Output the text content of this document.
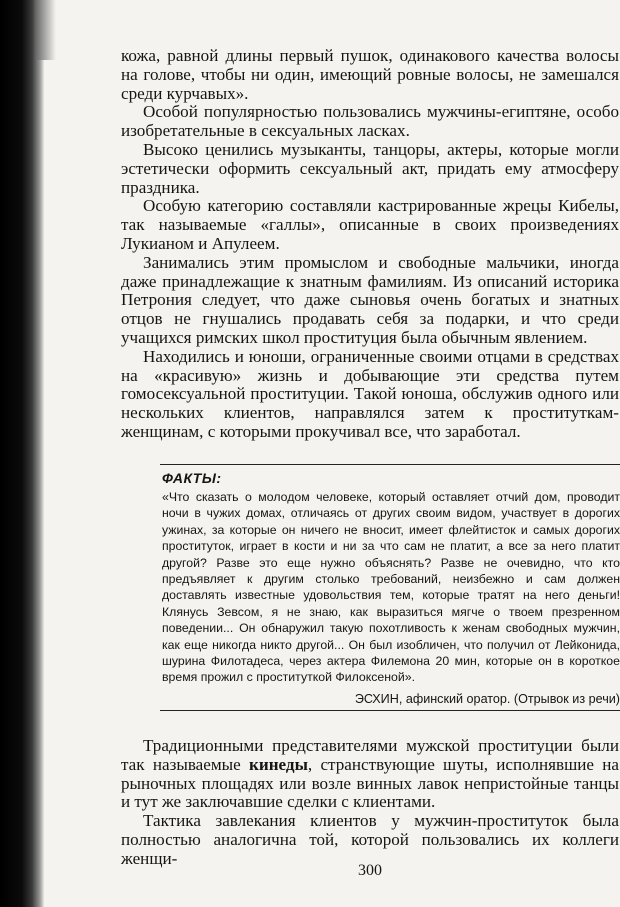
кожа, равной длины первый пушок, одинакового качества волосы на голове, чтобы ни один, имеющий ровные волосы, не замешался среди курчавых».

Особой популярностью пользовались мужчины-египтяне, особо изобретательные в сексуальных ласках.

Высоко ценились музыканты, танцоры, актеры, которые могли эстетически оформить сексуальный акт, придать ему атмосферу праздника.

Особую категорию составляли кастрированные жрецы Кибелы, так называемые «галлы», описанные в своих произведениях Лукианом и Апулеем.

Занимались этим промыслом и свободные мальчики, иногда даже принадлежащие к знатным фамилиям. Из описаний историка Петрония следует, что даже сыновья очень богатых и знатных отцов не гнушались продавать себя за подарки, и что среди учащихся римских школ проституция была обычным явлением.

Находились и юноши, ограниченные своими отцами в средствах на «красивую» жизнь и добывающие эти средства путем гомосексуальной проституции. Такой юноша, обслужив одного или нескольких клиентов, направлялся затем к проституткам-женщинам, с которыми прокучивал все, что заработал.

ФАКТЫ:

«Что сказать о молодом человеке, который оставляет отчий дом, проводит ночи в чужих домах, отличаясь от других своим видом, участвует в дорогих ужинах, за которые он ничего не вносит, имеет флейтисток и самых дорогих проституток, играет в кости и ни за что сам не платит, а все за него платит другой? Разве это еще нужно объяснять? Разве не очевидно, что кто предъявляет к другим столько требований, неизбежно и сам должен доставлять известные удовольствия тем, которые тратят на него деньги! Клянусь Зевсом, я не знаю, как выразиться мягче о твоем презренном поведении... Он обнаружил такую похотливость к женам свободных мужчин, как еще никогда никто другой... Он был изобличен, что получил от Лейконида, шурина Филотадеса, через актера Филемона 20 мин, которые он в короткое время прожил с проституткой Филоксеной».

ЭСХИН, афинский оратор. (Отрывок из речи)

Традиционными представителями мужской проституции были так называемые кинеды, странствующие шуты, исполнявшие на рыночных площадях или возле винных лавок непристойные танцы и тут же заключавшие сделки с клиентами.

Тактика завлекания клиентов у мужчин-проституток была полностью аналогична той, которой пользовались их коллеги женщи-

300
